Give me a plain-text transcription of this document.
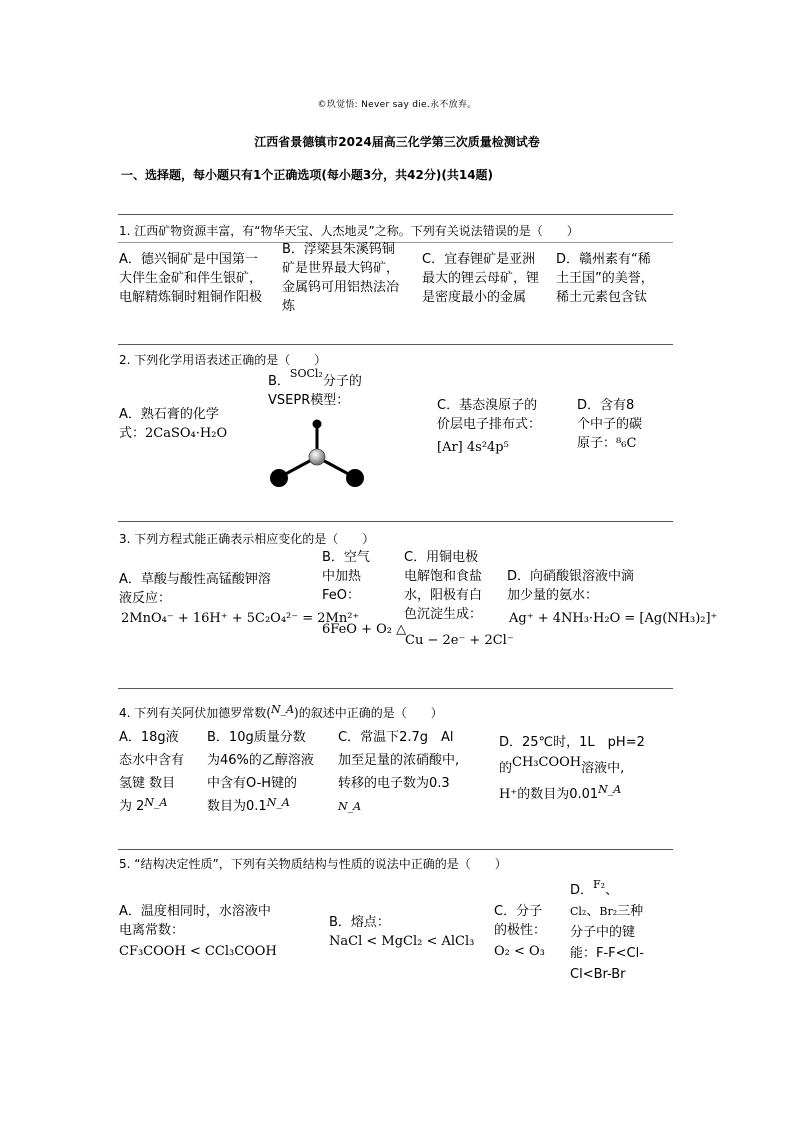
©玖觉悟: Never say die.永不放弃。
江西省景德镇市2024届高三化学第三次质量检测试卷
一、选择题，每小题只有1个正确选项(每小题3分，共42分)(共14题)
1. 江西矿物资源丰富，有“物华天宝、人杰地灵”之称。下列有关说法错误的是（　　）
A．德兴铜矿是中国第一
大伴生金矿和伴生银矿，
电解精炼铜时粗铜作阳极
B．浮梁县朱溪钨铜
矿是世界最大钨矿，
金属钨可用铝热法冶
炼
C．宜春锂矿是亚洲
最大的锂云母矿，锂
是密度最小的金属
D．赣州素有“稀
土王国”的美誉，
稀土元素包含钛
2. 下列化学用语表述正确的是（　　）
A．熟石膏的化学
式：2CaSO₄·H₂O
B．$^{SOCl_2}$分子的
VSEPR模型：	C．基态溴原子的
价层电子排布式：
[Ar] 4s²4p⁵
D．含有8
个中子的碳
原子：⁸₆C
3. 下列方程式能正确表示相应变化的是（　　）
A．草酸与酸性高锰酸钾溶
液反应：
2MnO₄⁻ + 16H⁺ + 5C₂O₄²⁻ = 2Mn²⁺
B．空气
中加热
FeO：
6FeO + O₂ △
C．用铜电极
电解饱和食盐
水，阳极有白
色沉淀生成：
Cu − 2e⁻ + 2Cl⁻
D．向硝酸银溶液中滴
加少量的氨水：
Ag⁺ + 4NH₃·H₂O = [Ag(NH₃)₂]⁺
4. 下列有关阿伏加德罗常数(N_A)的叙述中正确的是（　　）
A．18g液
态水中含有
氢键 数目
为 $2^{N\_A}$
B．10g质量分数
为46%的乙醇溶液
中含有O-H键的
数目为$0.1^{N\_A}$
C．常温下2.7g　Al
加至足量的浓硝酸中,
转移的电子数为0.3
N_A
D．25℃时，1L　pH=2
的CH₃COOH溶液中,
H⁺的数目为$0.01^{N\_A}$
5. “结构决定性质”，下列有关物质结构与性质的说法中正确的是（　　）
A．温度相同时，水溶液中
电离常数：
CF₃COOH < CCl₃COOH
B．熔点：
NaCl < MgCl₂ < AlCl₃
C．分子
的极性：
O₂ < O₃
D．$^{F_2}$、
Cl₂、Br₂三种
分子中的键
能：F-F<Cl-
Cl<Br-Br
